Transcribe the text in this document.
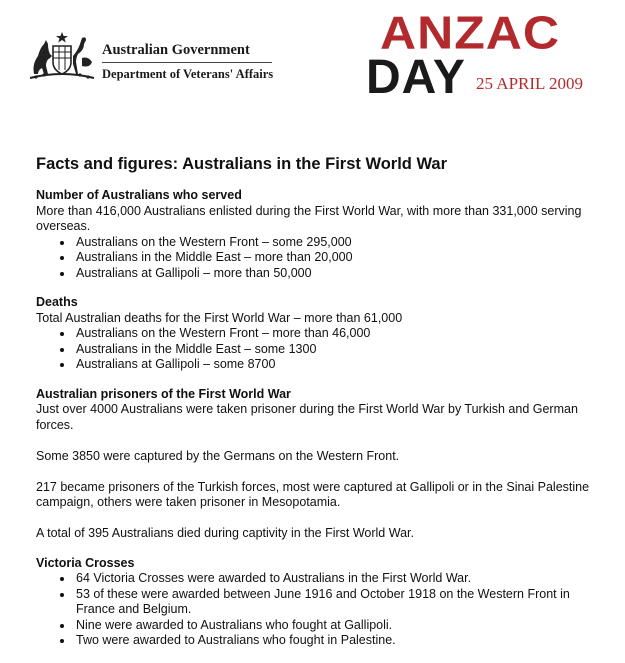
Australian Government
Department of Veterans' Affairs
ANZAC
DAY 25 APRIL 2009
Facts and figures: Australians in the First World War
Number of Australians who served

More than 416,000 Australians enlisted during the First World War, with more than 331,000 serving overseas.

• Australians on the Western Front – some 295,000
• Australians in the Middle East – more than 20,000
• Australians at Gallipoli – more than 50,000
Deaths

Total Australian deaths for the First World War – more than 61,000

• Australians on the Western Front – more than 46,000
• Australians in the Middle East – some 1300
• Australians at Gallipoli – some 8700
Australian prisoners of the First World War

Just over 4000 Australians were taken prisoner during the First World War by Turkish and German forces.

Some 3850 were captured by the Germans on the Western Front.

217 became prisoners of the Turkish forces, most were captured at Gallipoli or in the Sinai Palestine campaign, others were taken prisoner in Mesopotamia.

A total of 395 Australians died during captivity in the First World War.

Victoria Crosses
• 64 Victoria Crosses were awarded to Australians in the First World War.
• 53 of these were awarded between June 1916 and October 1918 on the Western Front in France and Belgium.
• Nine were awarded to Australians who fought at Gallipoli.
• Two were awarded to Australians who fought in Palestine.
